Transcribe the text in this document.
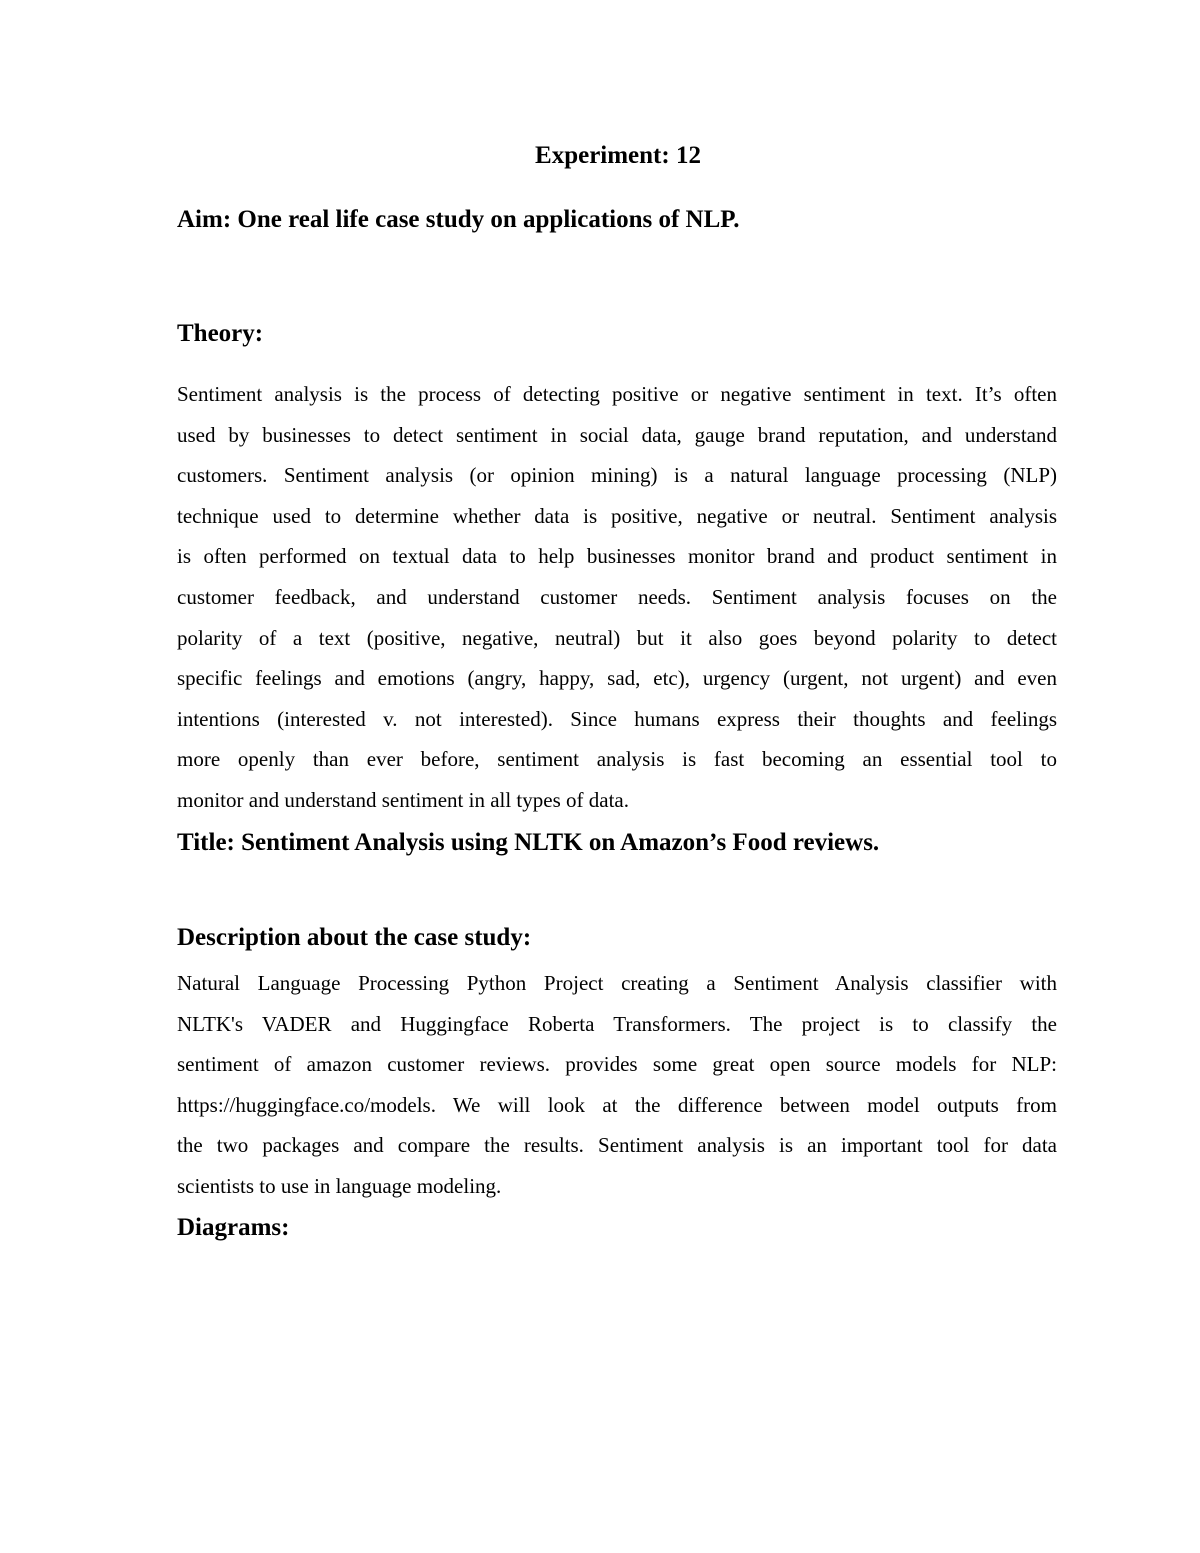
Experiment: 12

Aim: One real life case study on applications of NLP.

Theory:

Sentiment analysis is the process of detecting positive or negative sentiment in text. It’s often
used by businesses to detect sentiment in social data, gauge brand reputation, and understand
customers. Sentiment analysis (or opinion mining) is a natural language processing (NLP)
technique used to determine whether data is positive, negative or neutral. Sentiment analysis
is often performed on textual data to help businesses monitor brand and product sentiment in
customer feedback, and understand customer needs. Sentiment analysis focuses on the
polarity of a text (positive, negative, neutral) but it also goes beyond polarity to detect
specific feelings and emotions (angry, happy, sad, etc), urgency (urgent, not urgent) and even
intentions (interested v. not interested). Since humans express their thoughts and feelings
more openly than ever before, sentiment analysis is fast becoming an essential tool to
monitor and understand sentiment in all types of data.

Title: Sentiment Analysis using NLTK on Amazon’s Food reviews.

Description about the case study:

Natural Language Processing Python Project creating a Sentiment Analysis classifier with
NLTK's VADER and Huggingface Roberta Transformers. The project is to classify the
sentiment of amazon customer reviews. provides some great open source models for NLP:
https://huggingface.co/models. We will look at the difference between model outputs from
the two packages and compare the results. Sentiment analysis is an important tool for data
scientists to use in language modeling.

Diagrams:
